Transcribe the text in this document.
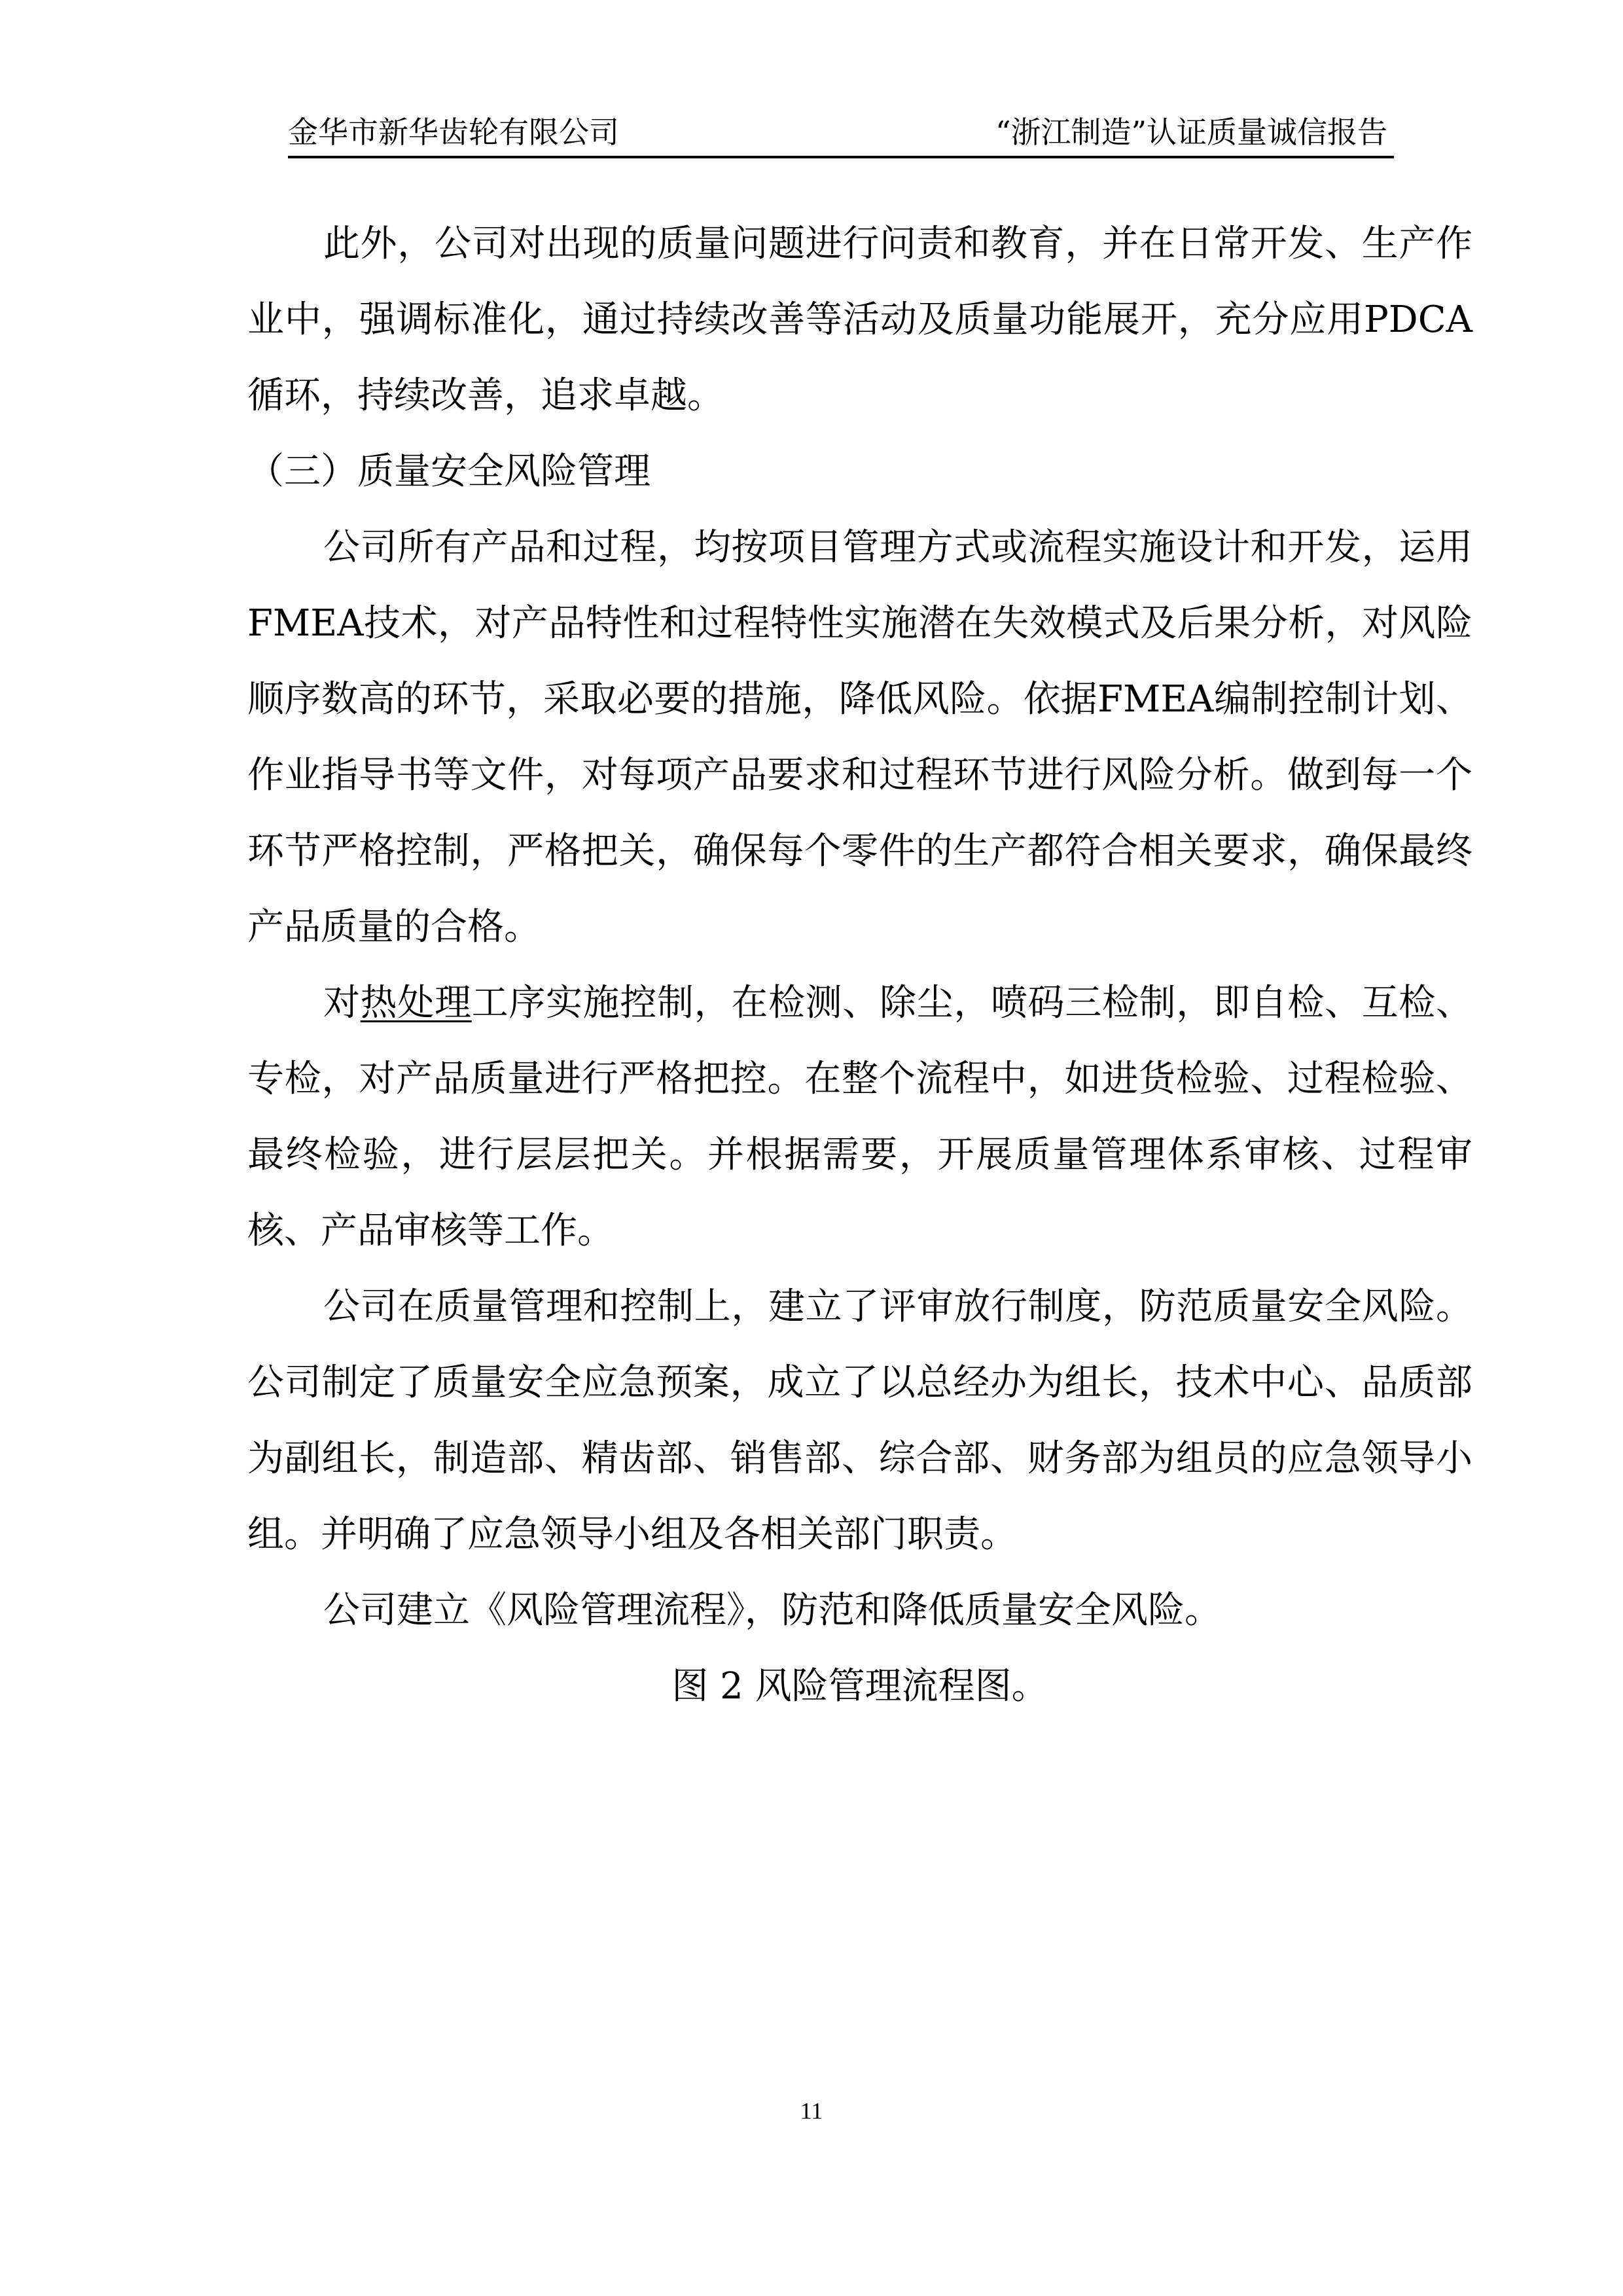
金华市新华齿轮有限公司	“浙江制造”认证质量诚信报告

此外，公司对出现的质量问题进行问责和教育，并在日常开发、生产作业中，强调标准化，通过持续改善等活动及质量功能展开，充分应用PDCA循环，持续改善，追求卓越。

（三）质量安全风险管理

公司所有产品和过程，均按项目管理方式或流程实施设计和开发，运用FMEA技术，对产品特性和过程特性实施潜在失效模式及后果分析，对风险顺序数高的环节，采取必要的措施，降低风险。依据FMEA编制控制计划、作业指导书等文件，对每项产品要求和过程环节进行风险分析。做到每一个环节严格控制，严格把关，确保每个零件的生产都符合相关要求，确保最终产品质量的合格。

对热处理工序实施控制，在检测、除尘，喷码三检制，即自检、互检、专检，对产品质量进行严格把控。在整个流程中，如进货检验、过程检验、最终检验，进行层层把关。并根据需要，开展质量管理体系审核、过程审核、产品审核等工作。

公司在质量管理和控制上，建立了评审放行制度，防范质量安全风险。公司制定了质量安全应急预案，成立了以总经办为组长，技术中心、品质部为副组长，制造部、精齿部、销售部、综合部、财务部为组员的应急领导小组。并明确了应急领导小组及各相关部门职责。

公司建立《风险管理流程》，防范和降低质量安全风险。

图 2 风险管理流程图。

11
